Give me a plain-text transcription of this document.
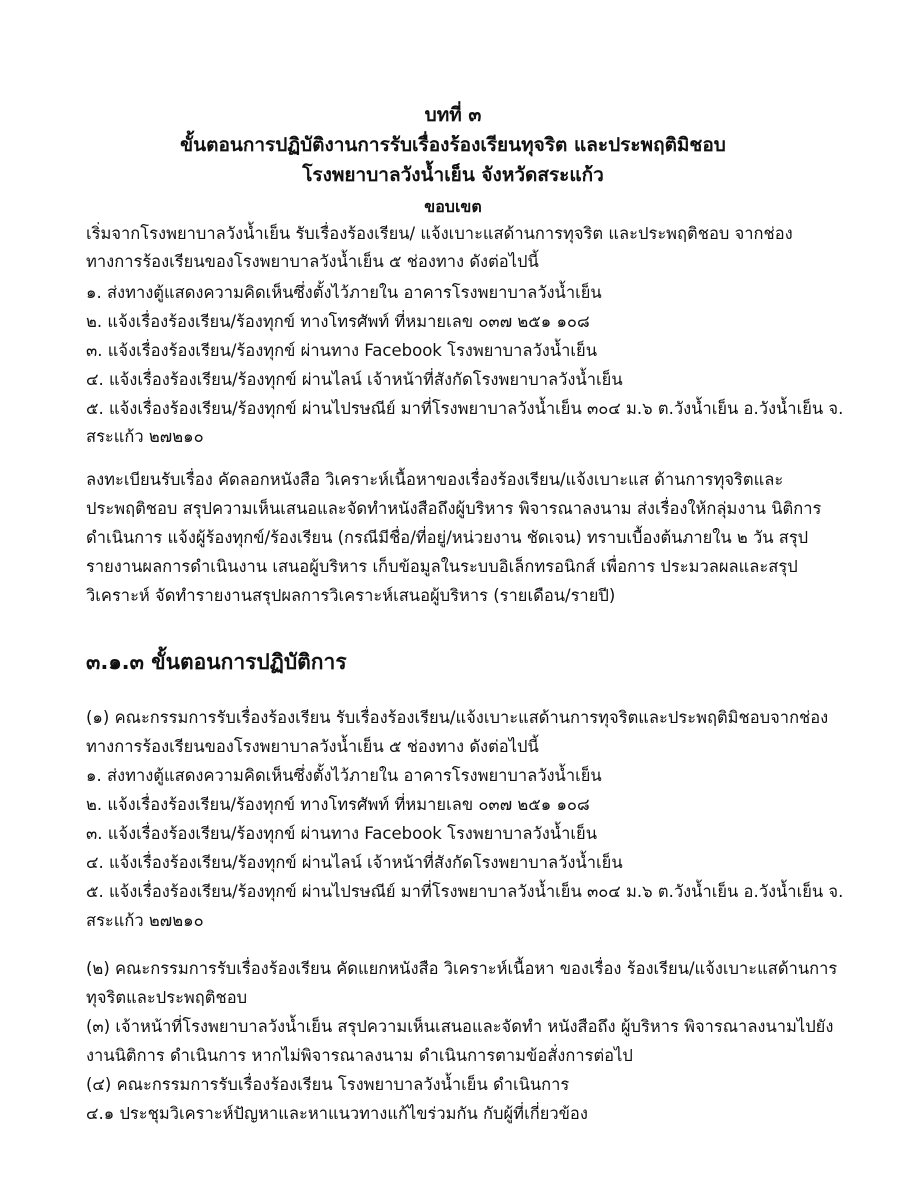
บทที่ ๓
ขั้นตอนการปฏิบัติงานการรับเรื่องร้องเรียนทุจริต และประพฤติมิชอบ
โรงพยาบาลวังน้ำเย็น จังหวัดสระแก้ว
ขอบเขต
เริ่มจากโรงพยาบาลวังน้ำเย็น รับเรื่องร้องเรียน/ แจ้งเบาะแสด้านการทุจริต และประพฤติชอบ จากช่อง
ทางการร้องเรียนของโรงพยาบาลวังน้ำเย็น ๕ ช่องทาง ดังต่อไปนี้
๑. ส่งทางตู้แสดงความคิดเห็นซึ่งตั้งไว้ภายใน อาคารโรงพยาบาลวังน้ำเย็น
๒. แจ้งเรื่องร้องเรียน/ร้องทุกข์ ทางโทรศัพท์ ที่หมายเลข ๐๓๗ ๒๕๑ ๑๐๘
๓. แจ้งเรื่องร้องเรียน/ร้องทุกข์ ผ่านทาง Facebook โรงพยาบาลวังน้ำเย็น
๔. แจ้งเรื่องร้องเรียน/ร้องทุกข์ ผ่านไลน์ เจ้าหน้าที่สังกัดโรงพยาบาลวังน้ำเย็น
๕. แจ้งเรื่องร้องเรียน/ร้องทุกข์ ผ่านไปรษณีย์ มาที่โรงพยาบาลวังน้ำเย็น ๓๐๔ ม.๖ ต.วังน้ำเย็น อ.วังน้ำเย็น จ.
สระแก้ว ๒๗๒๑๐
ลงทะเบียนรับเรื่อง คัดลอกหนังสือ วิเคราะห์เนื้อหาของเรื่องร้องเรียน/แจ้งเบาะแส ด้านการทุจริตและ
ประพฤติชอบ สรุปความเห็นเสนอและจัดทำหนังสือถึงผู้บริหาร พิจารณาลงนาม ส่งเรื่องให้กลุ่มงาน นิติการ
ดำเนินการ แจ้งผู้ร้องทุกข์/ร้องเรียน (กรณีมีชื่อ/ที่อยู่/หน่วยงาน ชัดเจน) ทราบเบื้องต้นภายใน ๒ วัน สรุป
รายงานผลการดำเนินงาน เสนอผู้บริหาร เก็บข้อมูลในระบบอิเล็กทรอนิกส์ เพื่อการ ประมวลผลและสรุป
วิเคราะห์ จัดทำรายงานสรุปผลการวิเคราะห์เสนอผู้บริหาร (รายเดือน/รายปี)
๓.๑.๓ ขั้นตอนการปฏิบัติการ
(๑) คณะกรรมการรับเรื่องร้องเรียน รับเรื่องร้องเรียน/แจ้งเบาะแสด้านการทุจริตและประพฤติมิชอบจากช่อง
ทางการร้องเรียนของโรงพยาบาลวังน้ำเย็น ๕ ช่องทาง ดังต่อไปนี้
๑. ส่งทางตู้แสดงความคิดเห็นซึ่งตั้งไว้ภายใน อาคารโรงพยาบาลวังน้ำเย็น
๒. แจ้งเรื่องร้องเรียน/ร้องทุกข์ ทางโทรศัพท์ ที่หมายเลข ๐๓๗ ๒๕๑ ๑๐๘
๓. แจ้งเรื่องร้องเรียน/ร้องทุกข์ ผ่านทาง Facebook โรงพยาบาลวังน้ำเย็น
๔. แจ้งเรื่องร้องเรียน/ร้องทุกข์ ผ่านไลน์ เจ้าหน้าที่สังกัดโรงพยาบาลวังน้ำเย็น
๕. แจ้งเรื่องร้องเรียน/ร้องทุกข์ ผ่านไปรษณีย์ มาที่โรงพยาบาลวังน้ำเย็น ๓๐๔ ม.๖ ต.วังน้ำเย็น อ.วังน้ำเย็น จ.
สระแก้ว ๒๗๒๑๐
(๒) คณะกรรมการรับเรื่องร้องเรียน คัดแยกหนังสือ วิเคราะห์เนื้อหา ของเรื่อง ร้องเรียน/แจ้งเบาะแสด้านการ
ทุจริตและประพฤติชอบ
(๓) เจ้าหน้าที่โรงพยาบาลวังน้ำเย็น สรุปความเห็นเสนอและจัดทำ หนังสือถึง ผู้บริหาร พิจารณาลงนามไปยัง
งานนิติการ ดำเนินการ หากไม่พิจารณาลงนาม ดำเนินการตามข้อสั่งการต่อไป
(๔) คณะกรรมการรับเรื่องร้องเรียน โรงพยาบาลวังน้ำเย็น ดำเนินการ
๔.๑ ประชุมวิเคราะห์ปัญหาและหาแนวทางแก้ไขร่วมกัน กับผู้ที่เกี่ยวข้อง
